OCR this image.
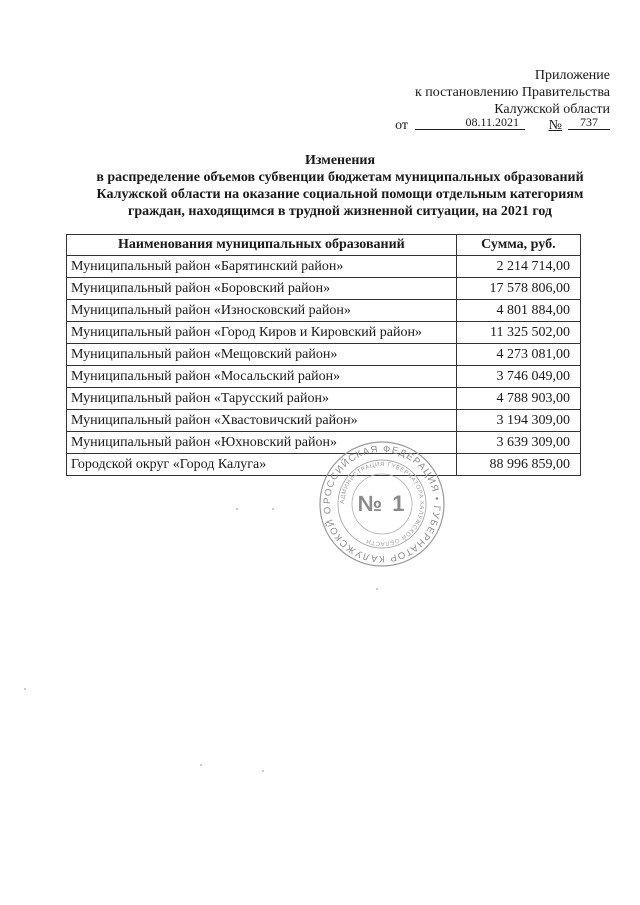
Приложение
к постановлению Правительства
Калужской области
от	08.11.2021	№	737
Изменения
в распределение объемов субвенции бюджетам муниципальных образований
Калужской области на оказание социальной помощи отдельным категориям
граждан, находящимся в трудной жизненной ситуации, на 2021 год
Наименования муниципальных образований	Сумма, руб.
Муниципальный район «Барятинский район»	2 214 714,00
Муниципальный район «Боровский район»	17 578 806,00
Муниципальный район «Износковский район»	4 801 884,00
Муниципальный район «Город Киров и Кировский район»	11 325 502,00
Муниципальный район «Мещовский район»	4 273 081,00
Муниципальный район «Мосальский район»	3 746 049,00
Муниципальный район «Тарусский район»	4 788 903,00
Муниципальный район «Хвастовичский район»	3 194 309,00
Муниципальный район «Юхновский район»	3 639 309,00
Городской округ «Город Калуга»	88 996 859,00
РОССИЙСКАЯ ФЕДЕРАЦИЯ • ГУБЕРНАТОР КАЛУЖСКОЙ О
АДМИНИСТРАЦИЯ ГУБЕРНАТОРА КАЛУЖСКОЙ ОБЛАСТИ
№ 1
